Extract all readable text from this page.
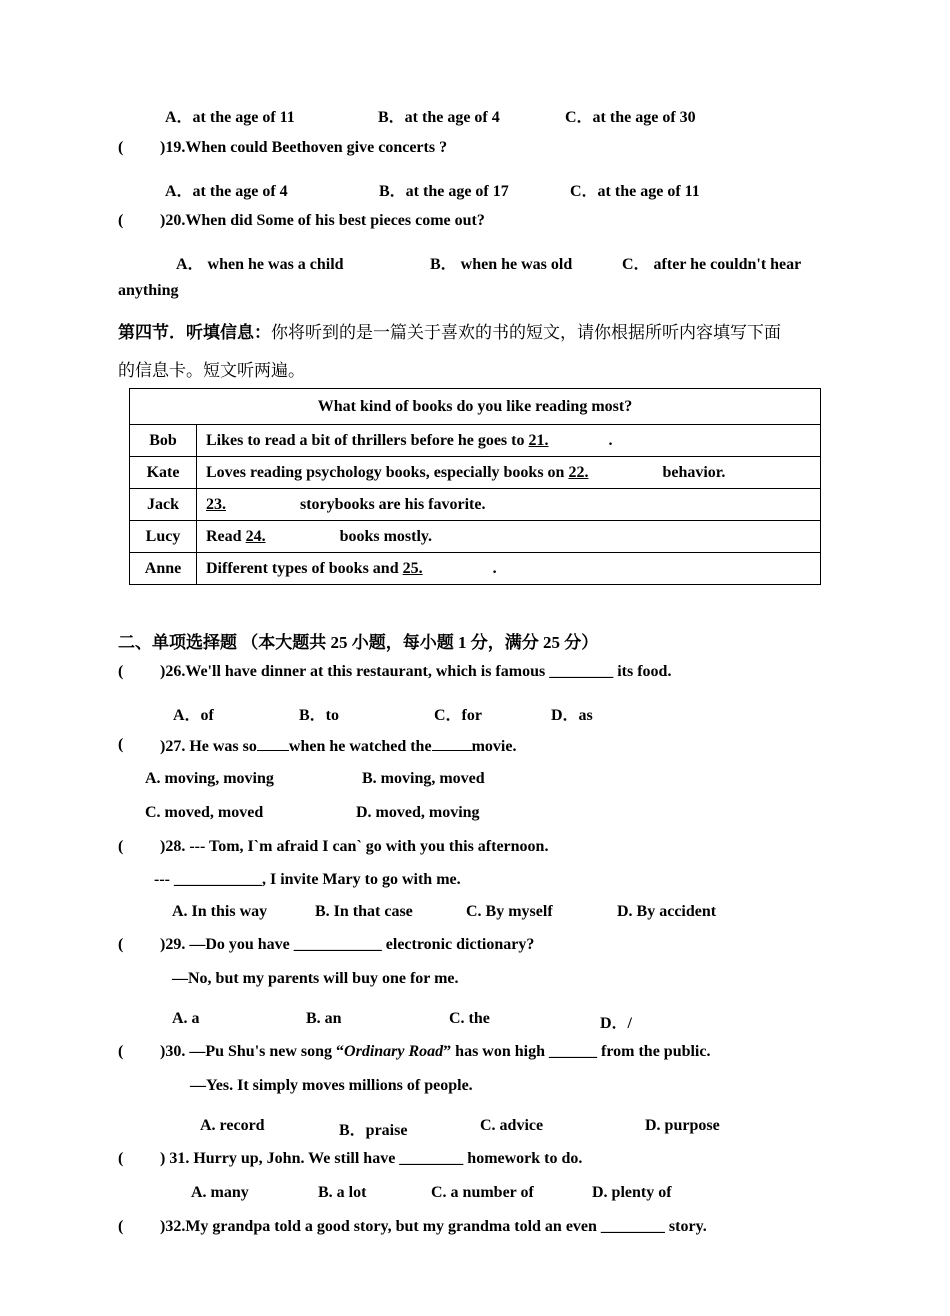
A．at the age of 11	B．at the age of 4	C．at the age of 30
( )19.When could Beethoven give concerts ?
A．at the age of 4	B．at the age of 17	C．at the age of 11
( )20.When did Some of his best pieces come out?
A． when he was a child	B． when he was old	C． after he couldn't hear
anything
第四节．听填信息：你将听到的是一篇关于喜欢的书的短文，请你根据所听内容填写下面
的信息卡。短文听两遍。
What kind of books do you like reading most?	
Bob	Likes to read a bit of thrillers before he goes to 21. .
Kate	Loves reading psychology books, especially books on 22. behavior.
Jack	23. storybooks are his favorite.
Lucy	Read 24. books mostly.
Anne	Different types of books and 25. .
二、单项选择题 （本大题共 25 小题，每小题 1 分，满分 25 分）
( )26.We'll have dinner at this restaurant, which is famous ________ its food.
A．of	B．to	C．for	D．as
( )27. He was so when he watched the	movie.
A. moving, moving	B. moving, moved
C. moved, moved	D. moved, moving
( )28. --- Tom, I`m afraid I can` go with you this afternoon.
--- ___________, I invite Mary to go with me.
A. In this way	B. In that case	C. By myself	D. By accident
( )29. —Do you have ___________ electronic dictionary?
—No, but my parents will buy one for me.
A. a	B. an	C. the	D．/
( )30. —Pu Shu's new song “Ordinary Road” has won high ______ from the public.
—Yes. It simply moves millions of people.
A. record	B．praise	C. advice	D. purpose
( ) 31. Hurry up, John. We still have ________ homework to do.
A. many	B. a lot	C. a number of	D. plenty of
( )32.My grandpa told a good story, but my grandma told an even ________ story.
